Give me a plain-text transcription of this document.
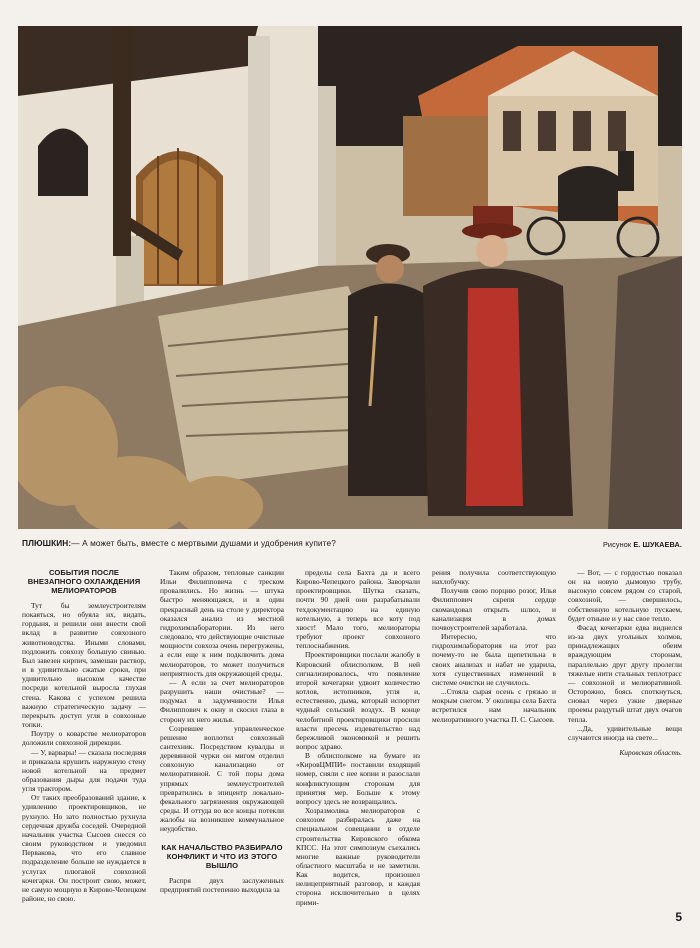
ПЛЮШКИН:— А может быть, вместе с мертвыми душами и удобрения купите?	Рисунок Е. ШУКАЕВА.
СОБЫТИЯ ПОСЛЕ ВНЕЗАПНОГО ОХЛАЖДЕНИЯ МЕЛИОРАТОРОВ

Тут бы землеустроителям покаяться, но обуяла их, видать, гордыня, и решили они внести свой вклад в развитие совхозного животноводства. Иными словами, подложить совхозу большую свинью. Был завезен кирпич, замешан раствор, и в удивительно сжатые сроки, при удивительно высоком качестве посреди котельной выросла глухая стена. Какова с успехом решила важную стратегическую задачу — перекрыть доступ угля в совхозные топки.

Поутру о коварстве мелиораторов доложили совхозной дирекции.

— У, варвары! — сказала последняя и приказала крушить наружную стену новой котельной на предмет образования дыры для подачи туда угля трактором.

От таких преобразований здание, к удивлению проектировщиков, не рухнуло. Но зато полностью рухнула сердечная дружба соседей. Очередной начальник участка Сысоев снесся со своим руководством и уведомил Первакова, что его славное подразделение больше не нуждается в услугах плюгавой совхозной кочегарки. Он построит свою, может, не самую мощную в Кирово-Чепецком районе, но свою.

Таким образом, тепловые санкции Ильи Филипповича с треском провалились. Но жизнь — штука быстро меняющаяся, и в один прекрасный день на столе у директора оказался анализ из местной гидрохимлаборатории. Из него следовало, что действующие очистные мощности совхоза очень перегружены, а если еще к ним подключить дома мелиораторов, то может получиться неприятность для окружающей среды.

— А если за счет мелиораторов разрушить наши очистные? — подумал в задумчивости Илья Филиппович к окну и скосил глаза в сторону их него жилья.

Созревшее управленческое решение воплотил совхозный сантехник. Посредством кувалды и деревянной чурки он мигом отделил совхозную канализацию от мелиоративной. С той поры дома упрямых землеустроителей превратились в эпицентр локально-фекального загрязнения окружающей среды. И оттуда во все концы потекли жалобы на возникшее коммунальное неудобство.

КАК НАЧАЛЬСТВО РАЗБИРАЛО КОНФЛИКТ И ЧТО ИЗ ЭТОГО ВЫШЛО

Распря двух заслуженных предприятий постепенно выходила за

пределы села Бахта да и всего Кирово-Чепецкого района. Заворчали проектировщики. Шутка сказать, почти 90 дней они разрабатывали техдокументацию на единую котельную, а теперь все коту под хвост! Мало того, мелиораторы требуют проект совхозного теплоснабжения.

Проектировщики послали жалобу в Кировский облисполком. В ней сигнализировалось, что появление второй кочегарки удвоит количество котлов, истопников, угля и, естественно, дыма, который испортит чудный сельский воздух. В конце челобитной проектировщики просили власти пресечь издевательство над бережливой экономикой и решить вопрос здраво.

В облисполкоме на бумаге из «КировЦМПИ» поставили входящий номер, сняли с нее копии и разослали конфликтующим сторонам для принятия мер. Больше к этому вопросу здесь не возвращались.

Хозразмолвка мелиораторов с совхозом разбиралась даже на специальном совещании в отделе строительства Кировского обкома КПСС. На этот симпозиум съехались многие важные руководители областного масштаба и не заметили. Как водится, произошел нелицеприятный разговор, и каждая сторона исключительно в целях прими-

рения получила соответствующую нахлобучку.

Получив свою порцию розог, Илья Филиппович скрепя сердце скомандовал открыть шлюз, и канализация в домах почвоустроителей заработала.

Интересно, что гидрохимлаборатория на этот раз почему-то не была щепетильна в своих анализах и набат не ударила, хотя существенных изменений в системе очистки не случилось.

...Стояла сырая осень с грязью и мокрым снегом. У околицы села Бахта встретился нам начальник мелиоративного участка П. С. Сысоев.

— Вот, — с гордостью показал он на новую дымовую трубу, высокую совсем рядом со старой, совхозной, — свершилось, собственную котельную пускаем, будет отныне и у нас свое тепло.

Фасад кочегарки едва виднелся из-за двух угольных холмов, принадлежащих обеим враждующим сторонам, параллельно друг другу пролегли тяжелые нити стальных теплотрасс — совхозной и мелиоративной. Осторожно, боясь споткнуться, сновал через узкие дверные проемы раздутый штат двух очагов тепла.

...Да, удивительные вещи случаются иногда на свете...

Кировская область.
5
